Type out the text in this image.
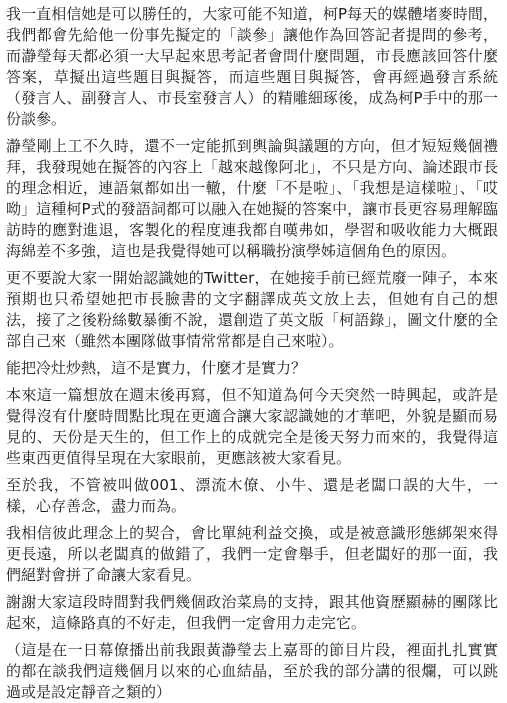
我一直相信她是可以勝任的，大家可能不知道，柯P每天的媒體堵麥時間，我們都會先給他一份事先擬定的「談參」讓他作為回答記者提問的參考，而瀞瑩每天都必須一大早起來思考記者會問什麼問題，市長應該回答什麼答案，草擬出這些題目與擬答，而這些題目與擬答，會再經過發言系統（發言人、副發言人、市長室發言人）的精雕細琢後，成為柯P手中的那一份談參。

瀞瑩剛上工不久時，還不一定能抓到輿論與議題的方向，但才短短幾個禮拜，我發現她在擬答的內容上「越來越像阿北」，不只是方向、論述跟市長的理念相近，連語氣都如出一轍，什麼「不是啦」、「我想是這樣啦」、「哎呦」這種柯P式的發語詞都可以融入在她擬的答案中，讓市長更容易理解臨訪時的應對進退，客製化的程度連我都自嘆弗如，學習和吸收能力大概跟海綿差不多強，這也是我覺得她可以稱職扮演學姊這個角色的原因。

更不要說大家一開始認識她的Twitter，在她接手前已經荒廢一陣子，本來預期也只希望她把市長臉書的文字翻譯成英文放上去，但她有自己的想法，接了之後粉絲數暴衝不說，還創造了英文版「柯語錄」，圖文什麼的全部自己來（雖然本團隊做事情常常都是自己來啦）。

能把冷灶炒熱，這不是實力，什麼才是實力？

本來這一篇想放在週末後再寫，但不知道為何今天突然一時興起，或許是覺得沒有什麼時間點比現在更適合讓大家認識她的才華吧，外貌是顯而易見的、天份是天生的，但工作上的成就完全是後天努力而來的，我覺得這些東西更值得呈現在大家眼前，更應該被大家看見。

至於我，不管被叫做001、漂流木僚、小牛、還是老闆口誤的大牛，一樣，心存善念，盡力而為。

我相信彼此理念上的契合，會比單純利益交換，或是被意識形態綁架來得更長遠，所以老闆真的做錯了，我們一定會舉手，但老闆好的那一面，我們絕對會拼了命讓大家看見。

謝謝大家這段時間對我們幾個政治菜鳥的支持，跟其他資歷顯赫的團隊比起來，這條路真的不好走，但我們一定會用力走完它。

（這是在一日幕僚播出前我跟黃瀞瑩去上嘉哥的節目片段，裡面扎扎實實的都在談我們這幾個月以來的心血結晶，至於我的部分講的很爛，可以跳過或是設定靜音之類的）
